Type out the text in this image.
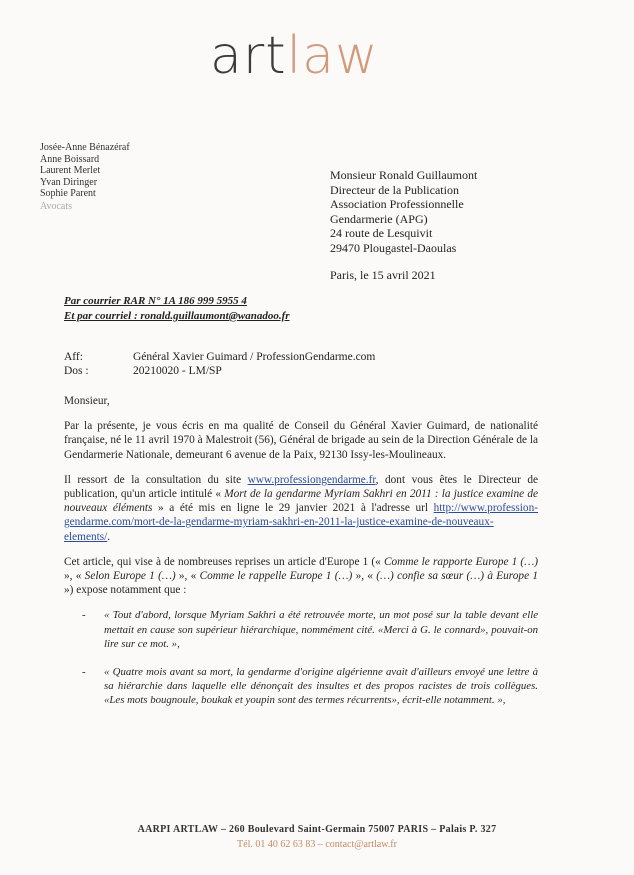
artlaw
Josée-Anne Bénazéraf
Anne Boissard
Laurent Merlet
Yvan Diringer
Sophie Parent
Avocats
Monsieur Ronald Guillaumont
Directeur de la Publication
Association Professionnelle
Gendarmerie (APG)
24 route de Lesquivit
29470 Plougastel-Daoulas
Paris, le 15 avril 2021
Par courrier RAR N° 1A 186 999 5955 4
Et par courriel : ronald.guillaumont@wanadoo.fr
Aff:	Général Xavier Guimard / ProfessionGendarme.com
Dos :	20210020 - LM/SP

Monsieur,

Par la présente, je vous écris en ma qualité de Conseil du Général Xavier Guimard, de nationalité française, né le 11 avril 1970 à Malestroit (56), Général de brigade au sein de la Direction Générale de la Gendarmerie Nationale, demeurant 6 avenue de la Paix, 92130 Issy-les-Moulineaux.

Il ressort de la consultation du site www.professiongendarme.fr, dont vous êtes le Directeur de publication, qu'un article intitulé « Mort de la gendarme Myriam Sakhri en 2011 : la justice examine de nouveaux éléments » a été mis en ligne le 29 janvier 2021 à l'adresse url http://www.profession-gendarme.com/mort-de-la-gendarme-myriam-sakhri-en-2011-la-justice-examine-de-nouveaux-elements/.

Cet article, qui vise à de nombreuses reprises un article d'Europe 1 (« Comme le rapporte Europe 1 (…) », « Selon Europe 1 (…) », « Comme le rappelle Europe 1 (…) », « (…) confie sa sœur (…) à Europe 1 ») expose notamment que :

- « Tout d'abord, lorsque Myriam Sakhri a été retrouvée morte, un mot posé sur la table devant elle mettait en cause son supérieur hiérarchique, nommément cité. «Merci à G. le connard», pouvait-on lire sur ce mot. »,
- « Quatre mois avant sa mort, la gendarme d'origine algérienne avait d'ailleurs envoyé une lettre à sa hiérarchie dans laquelle elle dénonçait des insultes et des propos racistes de trois collègues. «Les mots bougnoule, boukak et youpin sont des termes récurrents», écrit-elle notamment. »,
AARPI ARTLAW – 260 Boulevard Saint-Germain 75007 PARIS – Palais P. 327
Tél. 01 40 62 63 83 – contact@artlaw.fr
